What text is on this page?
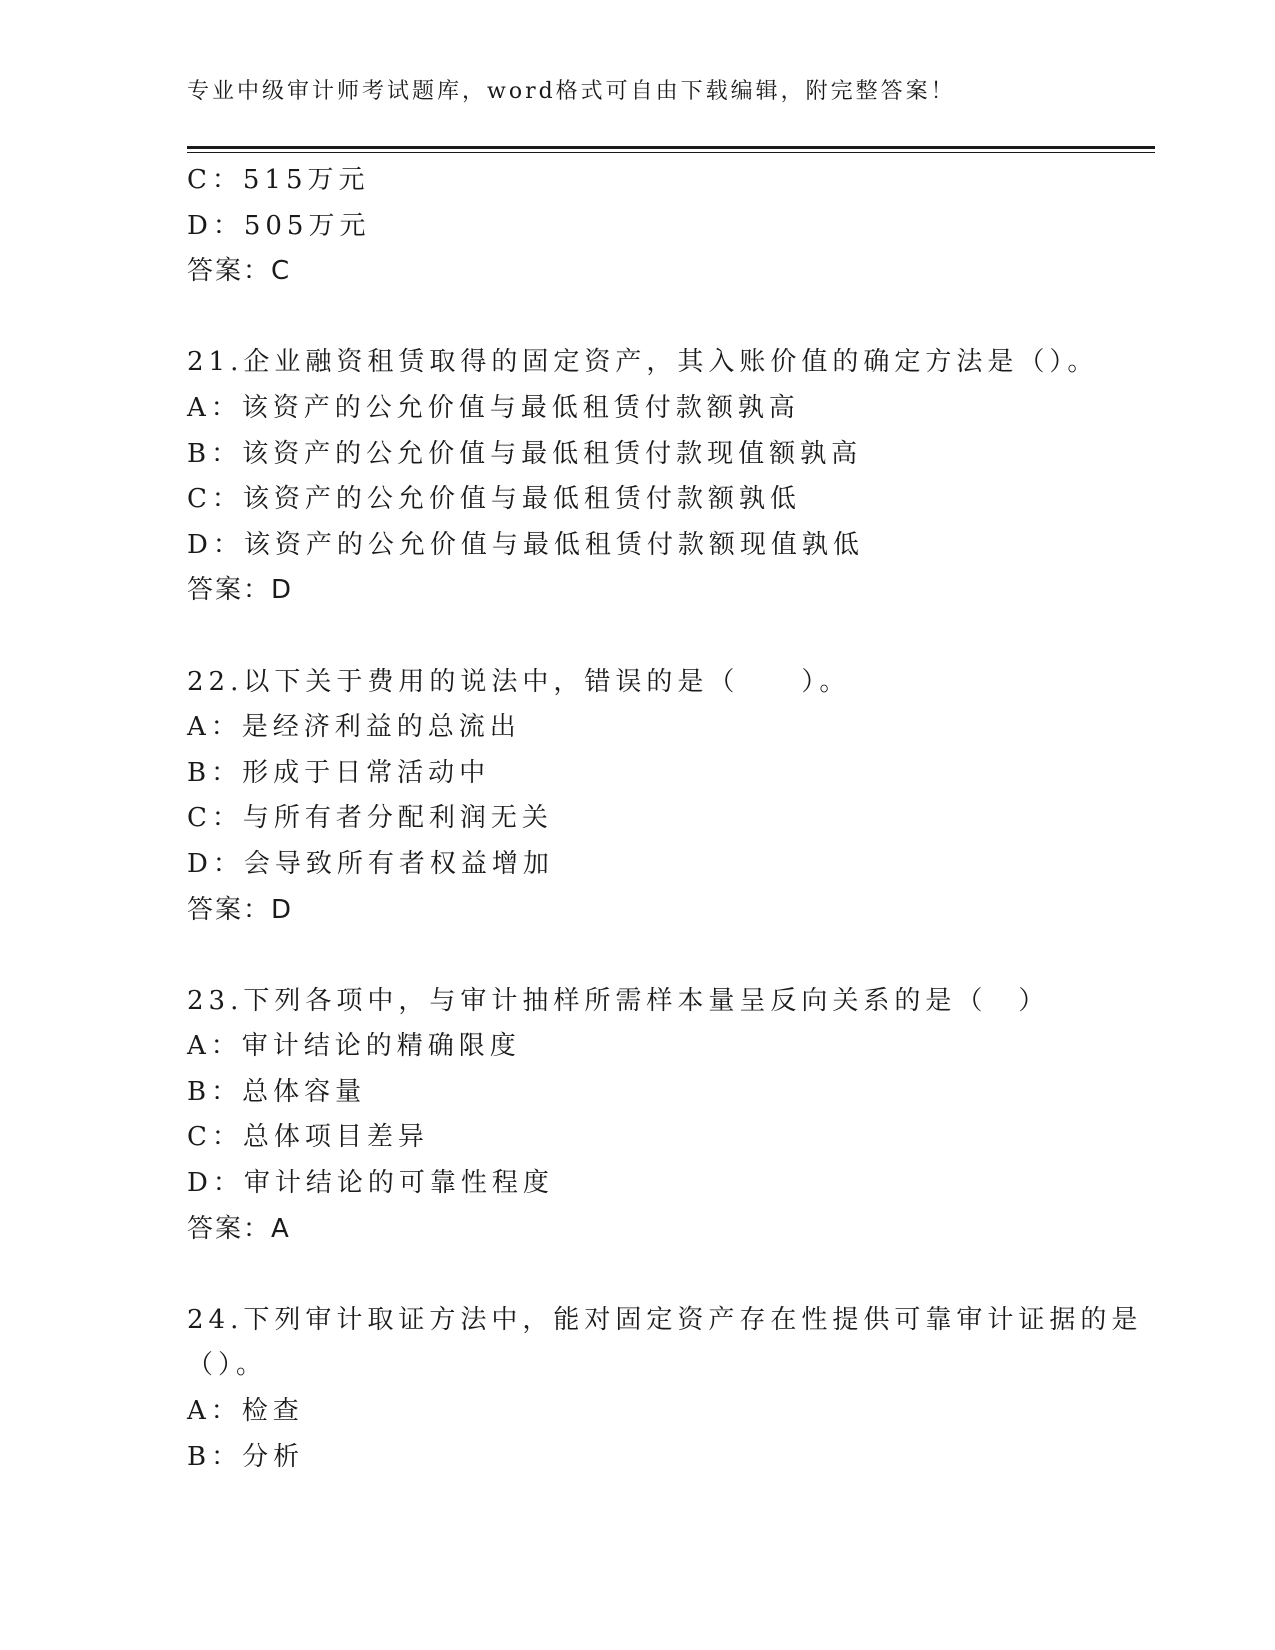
专业中级审计师考试题库，word格式可自由下载编辑，附完整答案！
C：515万元
D：505万元
答案：C
21.企业融资租赁取得的固定资产，其入账价值的确定方法是（）。
A：该资产的公允价值与最低租赁付款额孰高
B：该资产的公允价值与最低租赁付款现值额孰高
C：该资产的公允价值与最低租赁付款额孰低
D：该资产的公允价值与最低租赁付款额现值孰低
答案：D
22.以下关于费用的说法中，错误的是（　　）。
A：是经济利益的总流出
B：形成于日常活动中
C：与所有者分配利润无关
D：会导致所有者权益增加
答案：D
23.下列各项中，与审计抽样所需样本量呈反向关系的是（　）
A：审计结论的精确限度
B：总体容量
C：总体项目差异
D：审计结论的可靠性程度
答案：A
24.下列审计取证方法中，能对固定资产存在性提供可靠审计证据的是
（）。
A：检查
B：分析
